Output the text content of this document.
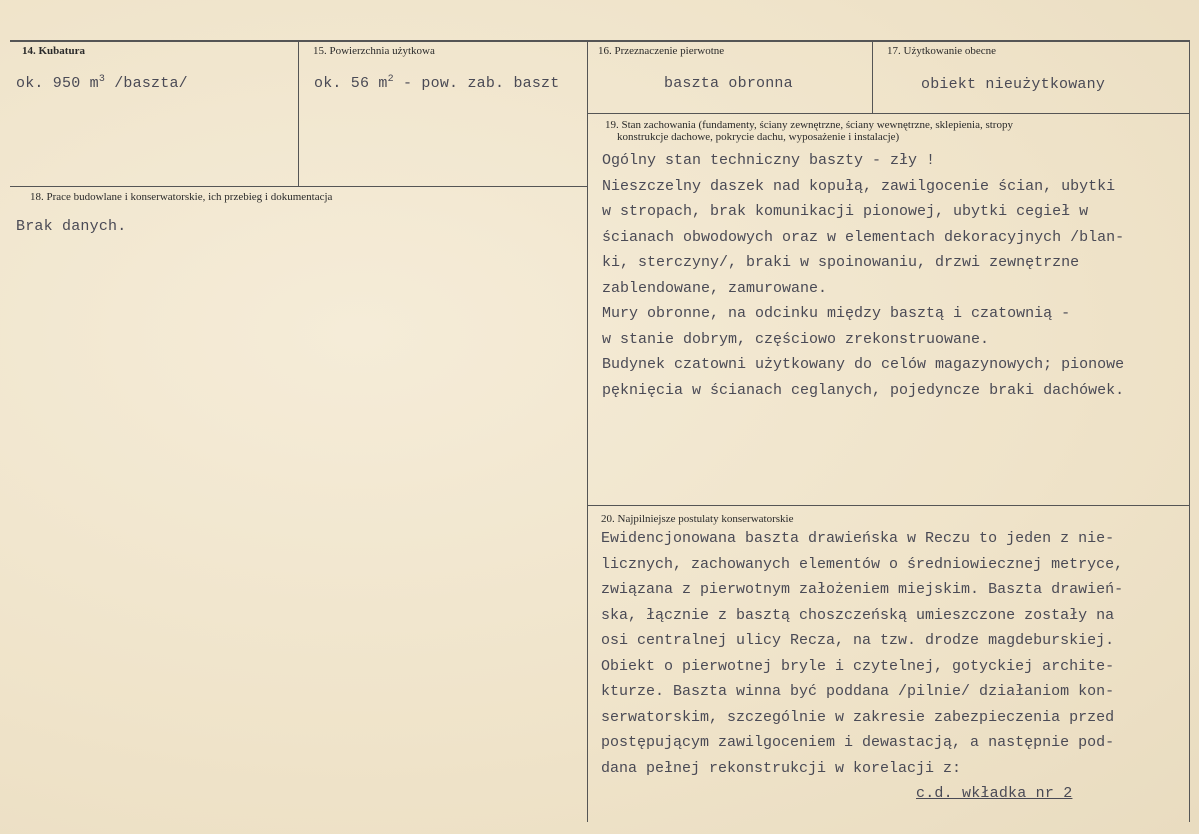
14. Kubatura
ok. 950 $m^3$ /baszta/
15. Powierzchnia użytkowa
ok. 56 $m^2$ - pow. zab. baszt
16. Przeznaczenie pierwotne
baszta obronna
17. Użytkowanie obecne
obiekt nieużytkowany
18. Prace budowlane i konserwatorskie, ich przebieg i dokumentacja
Brak danych.
19. Stan zachowania (fundamenty, ściany zewnętrzne, ściany wewnętrzne, sklepienia, stropy
konstrukcje dachowe, pokrycie dachu, wyposażenie i instalacje)
Ogólny stan techniczny baszty - zły !
Nieszczelny daszek nad kopułą, zawilgocenie ścian, ubytki
w stropach, brak komunikacji pionowej, ubytki cegieł w
ścianach obwodowych oraz w elementach dekoracyjnych /blan-
ki, sterczyny/, braki w spoinowaniu, drzwi zewnętrzne
zablendowane, zamurowane.
Mury obronne, na odcinku między basztą i czatownią -
w stanie dobrym, częściowo zrekonstruowane.
Budynek czatowni użytkowany do celów magazynowych; pionowe
pęknięcia w ścianach ceglanych, pojedyncze braki dachówek.
20. Najpilniejsze postulaty konserwatorskie
Ewidencjonowana baszta drawieńska w Reczu to jeden z nie-
licznych, zachowanych elementów o średniowiecznej metryce,
związana z pierwotnym założeniem miejskim. Baszta drawień-
ska, łącznie z basztą choszczeńską umieszczone zostały na
osi centralnej ulicy Recza, na tzw. drodze magdeburskiej.
Obiekt o pierwotnej bryle i czytelnej, gotyckiej archite-
kturze. Baszta winna być poddana /pilnie/ działaniom kon-
serwatorskim, szczególnie w zakresie zabezpieczenia przed
postępującym zawilgoceniem i dewastacją, a następnie pod-
dana pełnej rekonstrukcji w korelacji z:
c.d. wkładka nr 2
